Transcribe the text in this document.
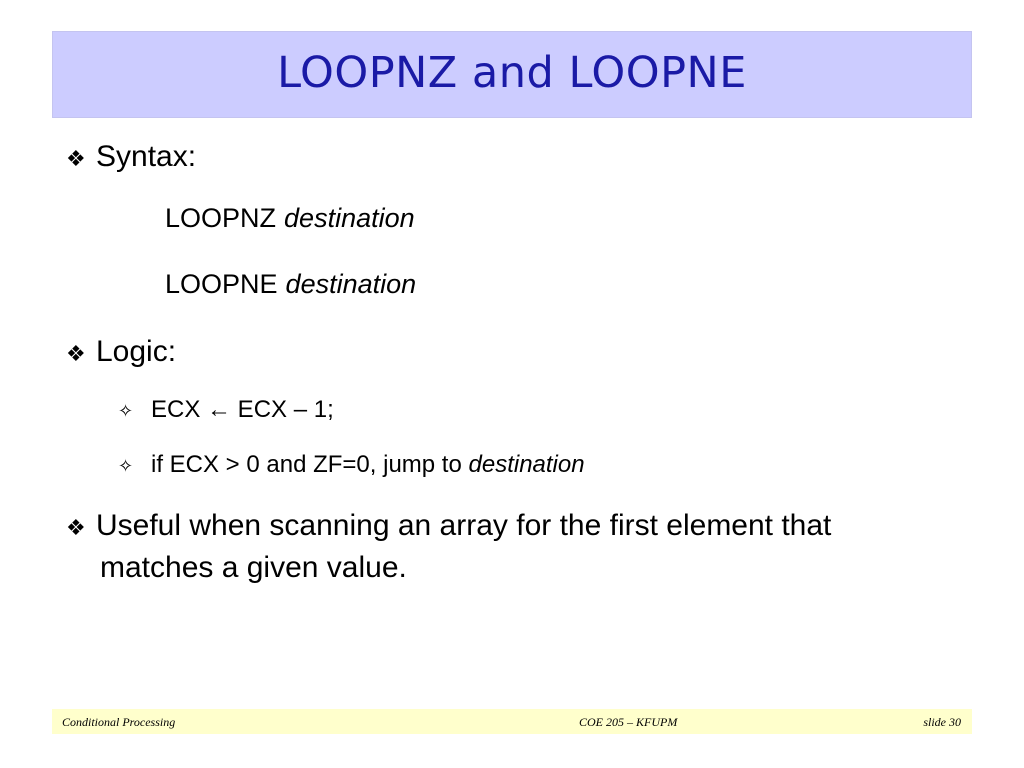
LOOPNZ and LOOPNE
❖ Syntax:
LOOPNZ destination
LOOPNE destination
❖ Logic:
✧ ECX ← ECX – 1;
✧ if ECX > 0 and ZF=0, jump to destination
❖ Useful when scanning an array for the first element that
matches a given value.
Conditional Processing	COE 205 – KFUPM	slide 30
